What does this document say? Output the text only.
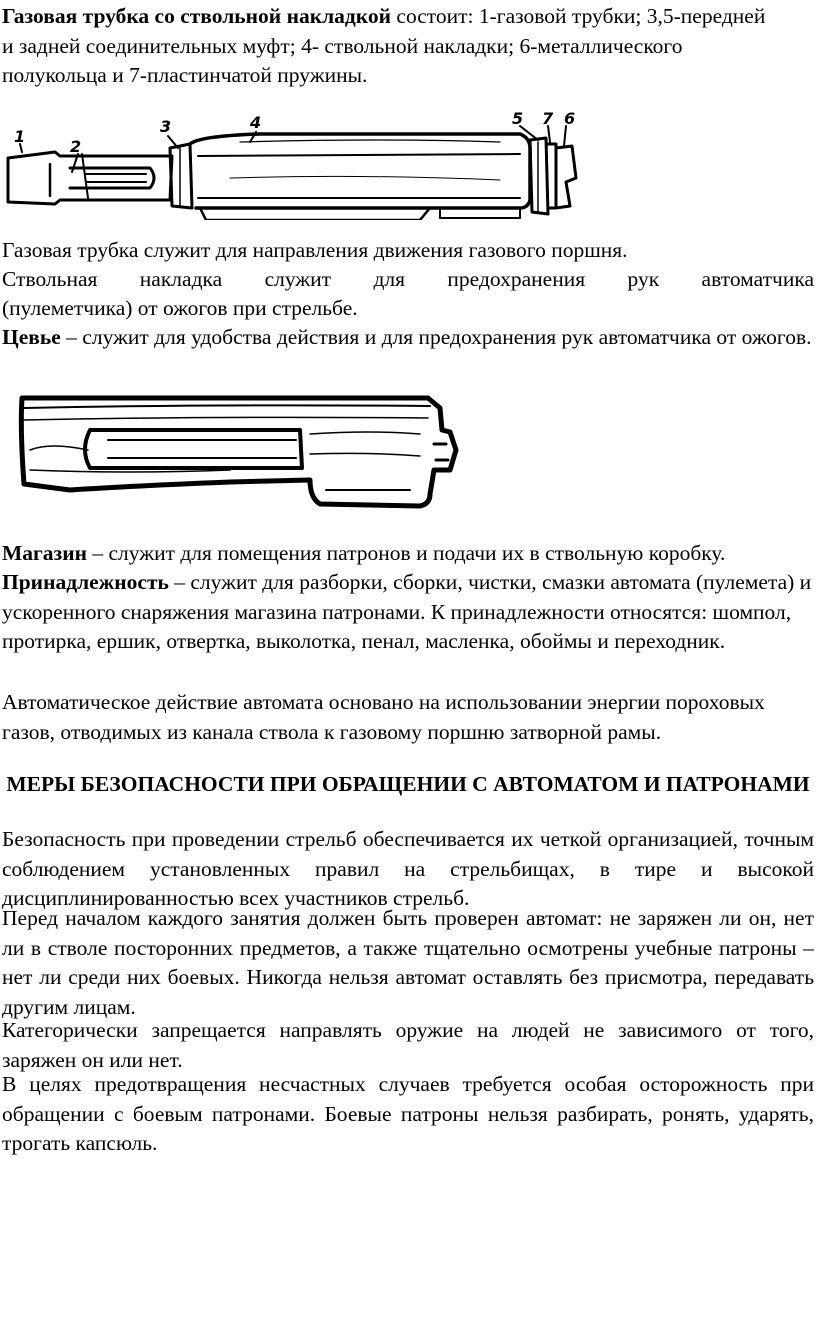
Газовая трубка со ствольной накладкой состоит: 1-газовой трубки; 3,5-передней и задней соединительных муфт; 4- ствольной накладки; 6-металлического полукольца и 7-пластинчатой пружины.

1
2
3	4	5 7 6

Газовая трубка служит для направления движения газового поршня.

Ствольная накладка служит для предохранения рук автоматчика

(пулеметчика) от ожогов при стрельбе.

Цевье – служит для удобства действия и для предохранения рук автоматчика от ожогов.

Магазин – служит для помещения патронов и подачи их в ствольную коробку.

Принадлежность – служит для разборки, сборки, чистки, смазки автомата (пулемета) и ускоренного снаряжения магазина патронами. К принадлежности относятся: шомпол, протирка, ершик, отвертка, выколотка, пенал, масленка, обоймы и переходник.

Автоматическое действие автомата основано на использовании энергии пороховых газов, отводимых из канала ствола к газовому поршню затворной рамы.

МЕРЫ БЕЗОПАСНОСТИ ПРИ ОБРАЩЕНИИ С АВТОМАТОМ И ПАТРОНАМИ

Безопасность при проведении стрельб обеспечивается их четкой организацией, точным соблюдением установленных правил на стрельбищах, в тире и высокой дисциплинированностью всех участников стрельб.

Перед началом каждого занятия должен быть проверен автомат: не заряжен ли он, нет ли в стволе посторонних предметов, а также тщательно осмотрены учебные патроны – нет ли среди них боевых. Никогда нельзя автомат оставлять без присмотра, передавать другим лицам.

Категорически запрещается направлять оружие на людей не зависимого от того, заряжен он или нет.

В целях предотвращения несчастных случаев требуется особая осторожность при обращении с боевым патронами. Боевые патроны нельзя разбирать, ронять, ударять, трогать капсюль.
